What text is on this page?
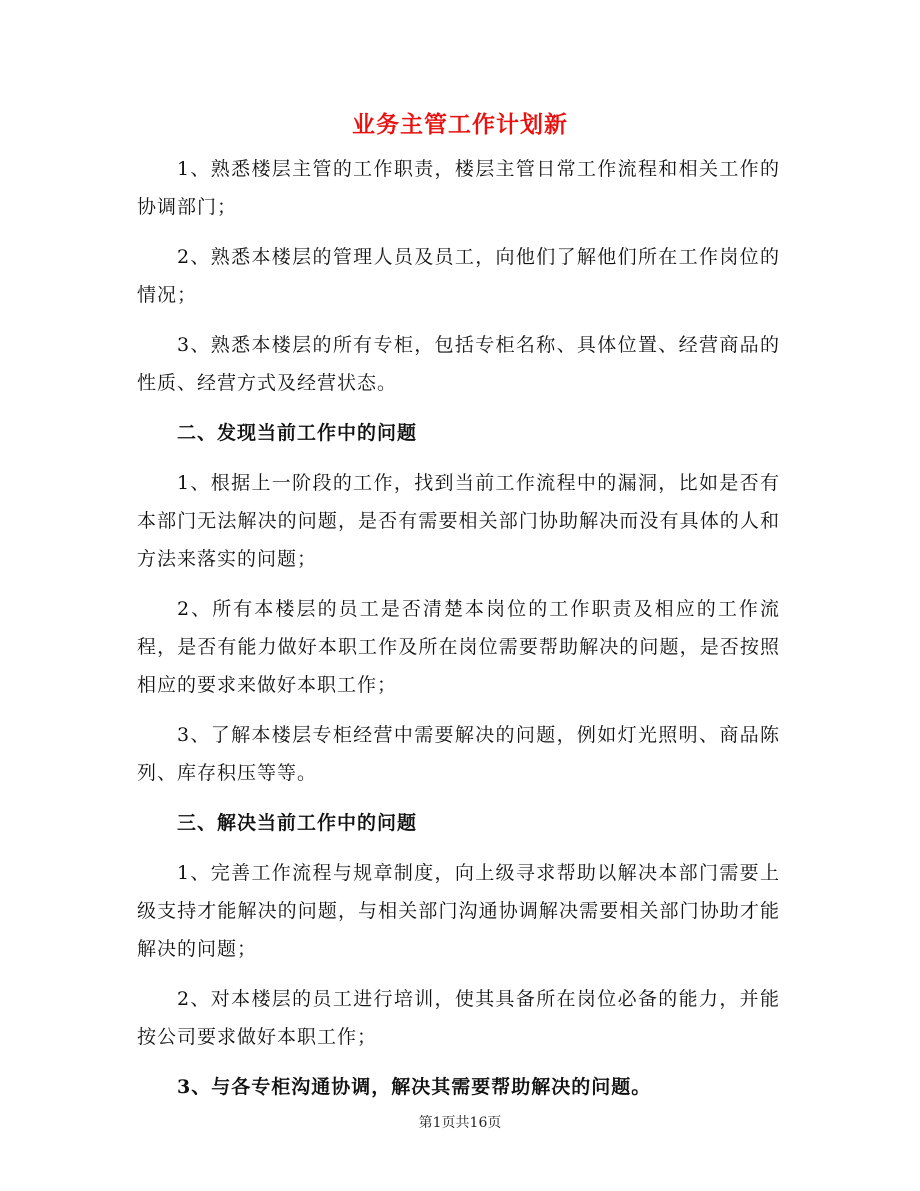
业务主管工作计划新

1、熟悉楼层主管的工作职责，楼层主管日常工作流程和相关工作的协调部门；

2、熟悉本楼层的管理人员及员工，向他们了解他们所在工作岗位的情况；

3、熟悉本楼层的所有专柜，包括专柜名称、具体位置、经营商品的性质、经营方式及经营状态。

二、发现当前工作中的问题

1、根据上一阶段的工作，找到当前工作流程中的漏洞，比如是否有本部门无法解决的问题，是否有需要相关部门协助解决而没有具体的人和方法来落实的问题；

2、所有本楼层的员工是否清楚本岗位的工作职责及相应的工作流程，是否有能力做好本职工作及所在岗位需要帮助解决的问题，是否按照相应的要求来做好本职工作；

3、了解本楼层专柜经营中需要解决的问题，例如灯光照明、商品陈列、库存积压等等。

三、解决当前工作中的问题

1、完善工作流程与规章制度，向上级寻求帮助以解决本部门需要上级支持才能解决的问题，与相关部门沟通协调解决需要相关部门协助才能解决的问题；

2、对本楼层的员工进行培训，使其具备所在岗位必备的能力，并能按公司要求做好本职工作；

3、与各专柜沟通协调，解决其需要帮助解决的问题。

第1页共16页
